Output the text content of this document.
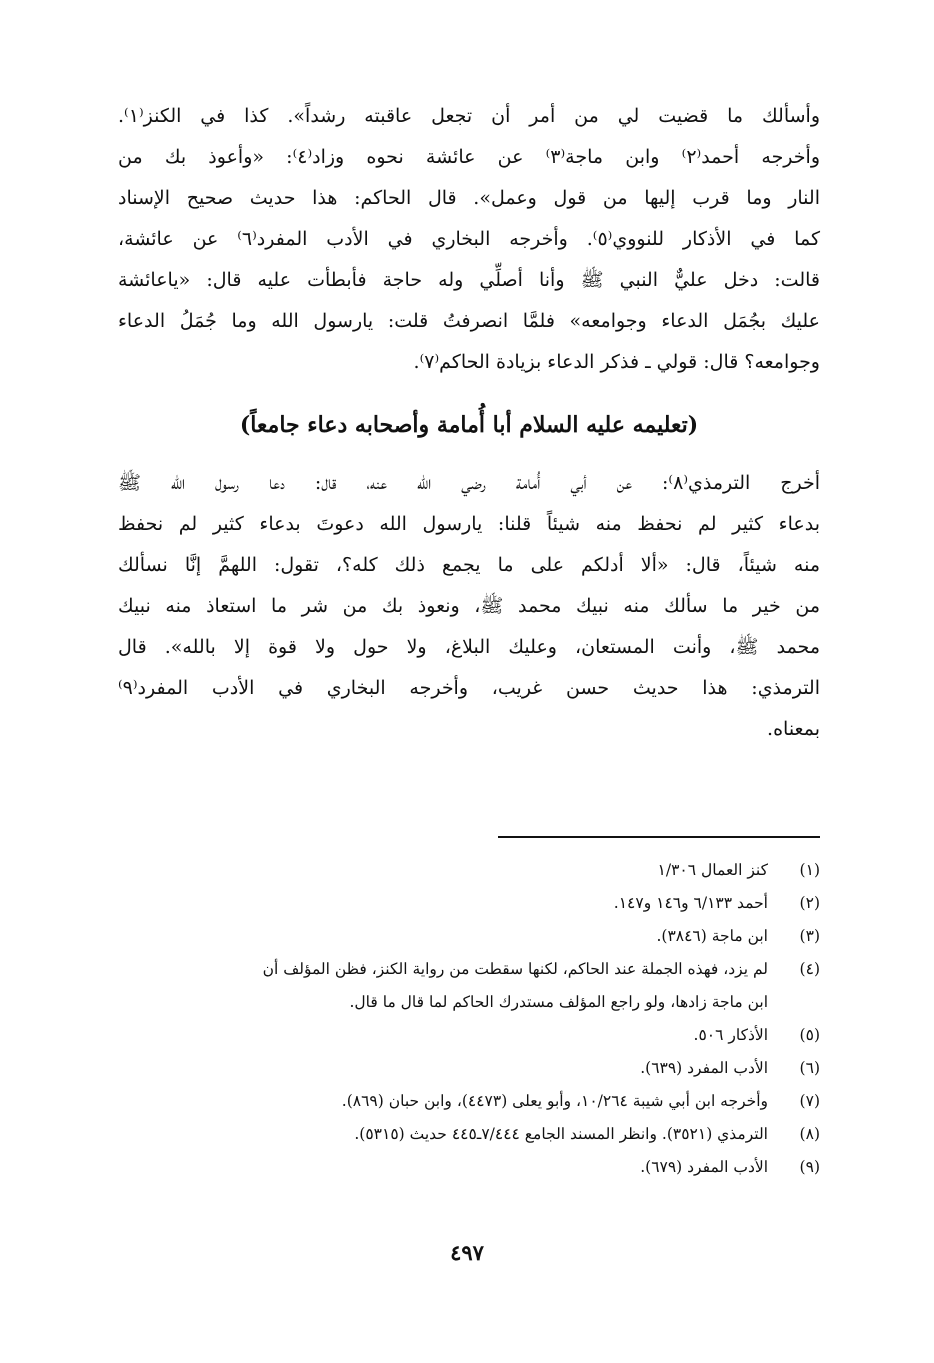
وأسألك ما قضيت لي من أمر أن تجعل عاقبته رشداً». كذا في الكنز⁽١⁾.
وأخرجه أحمد⁽٢⁾ وابن ماجة⁽٣⁾ عن عائشة نحوه وزاد⁽٤⁾: «وأعوذ بك من
النار وما قرب إليها من قول وعمل». قال الحاكم: هذا حديث صحيح الإسناد
كما في الأذكار للنووي⁽٥⁾. وأخرجه البخاري في الأدب المفرد⁽٦⁾ عن عائشة،
قالت: دخل عليٌّ النبي ﷺ وأنا أصلِّي وله حاجة فأبطأت عليه قال: «ياعائشة
عليك بجُمَل الدعاء وجوامعه» فلمَّا انصرفتُ قلت: يارسول الله وما جُمَلُ الدعاء
وجوامعه؟ قال: قولي ـ فذكر الدعاء بزيادة الحاكم⁽٧⁾.

(تعليمه عليه السلام أبا أُمامة وأصحابه دعاء جامعاً)

أخرج الترمذي⁽٨⁾: عن أبي أُمامة رضي الله عنه، قال: دعا رسول الله ﷺ
بدعاء كثير لم نحفظ منه شيئاً قلنا: يارسول الله دعوتَ بدعاء كثير لم نحفظ
منه شيئاً، قال: «ألا أدلكم على ما يجمع ذلك كله؟، تقول: اللهمَّ إنَّا نسألك
من خير ما سألك منه نبيك محمد ﷺ، ونعوذ بك من شر ما استعاذ منه نبيك
محمد ﷺ، وأنت المستعان، وعليك البلاغ، ولا حول ولا قوة إلا بالله». قال
الترمذي: هذا حديث حسن غريب، وأخرجه البخاري في الأدب المفرد⁽٩⁾
بمعناه.

(١)
كنز العمال ١/٣٠٦
(٢)
أحمد ٦/١٣٣ و١٤٦ و١٤٧.
(٣)
ابن ماجة (٣٨٤٦).
(٤)
لم يزد، فهذه الجملة عند الحاكم، لكنها سقطت من رواية الكنز، فظن المؤلف أن
ابن ماجة زادها، ولو راجع المؤلف مستدرك الحاكم لما قال ما قال.
(٥)
الأذكار ٥٠٦.
(٦)
الأدب المفرد (٦٣٩).
(٧)
وأخرجه ابن أبي شيبة ١٠/٢٦٤، وأبو يعلى (٤٤٧٣)، وابن حبان (٨٦٩).
(٨)
الترمذي (٣٥٢١). وانظر المسند الجامع ٧/٤٤٤ـ٤٤٥ حديث (٥٣١٥).
(٩)
الأدب المفرد (٦٧٩).
٤٩٧
